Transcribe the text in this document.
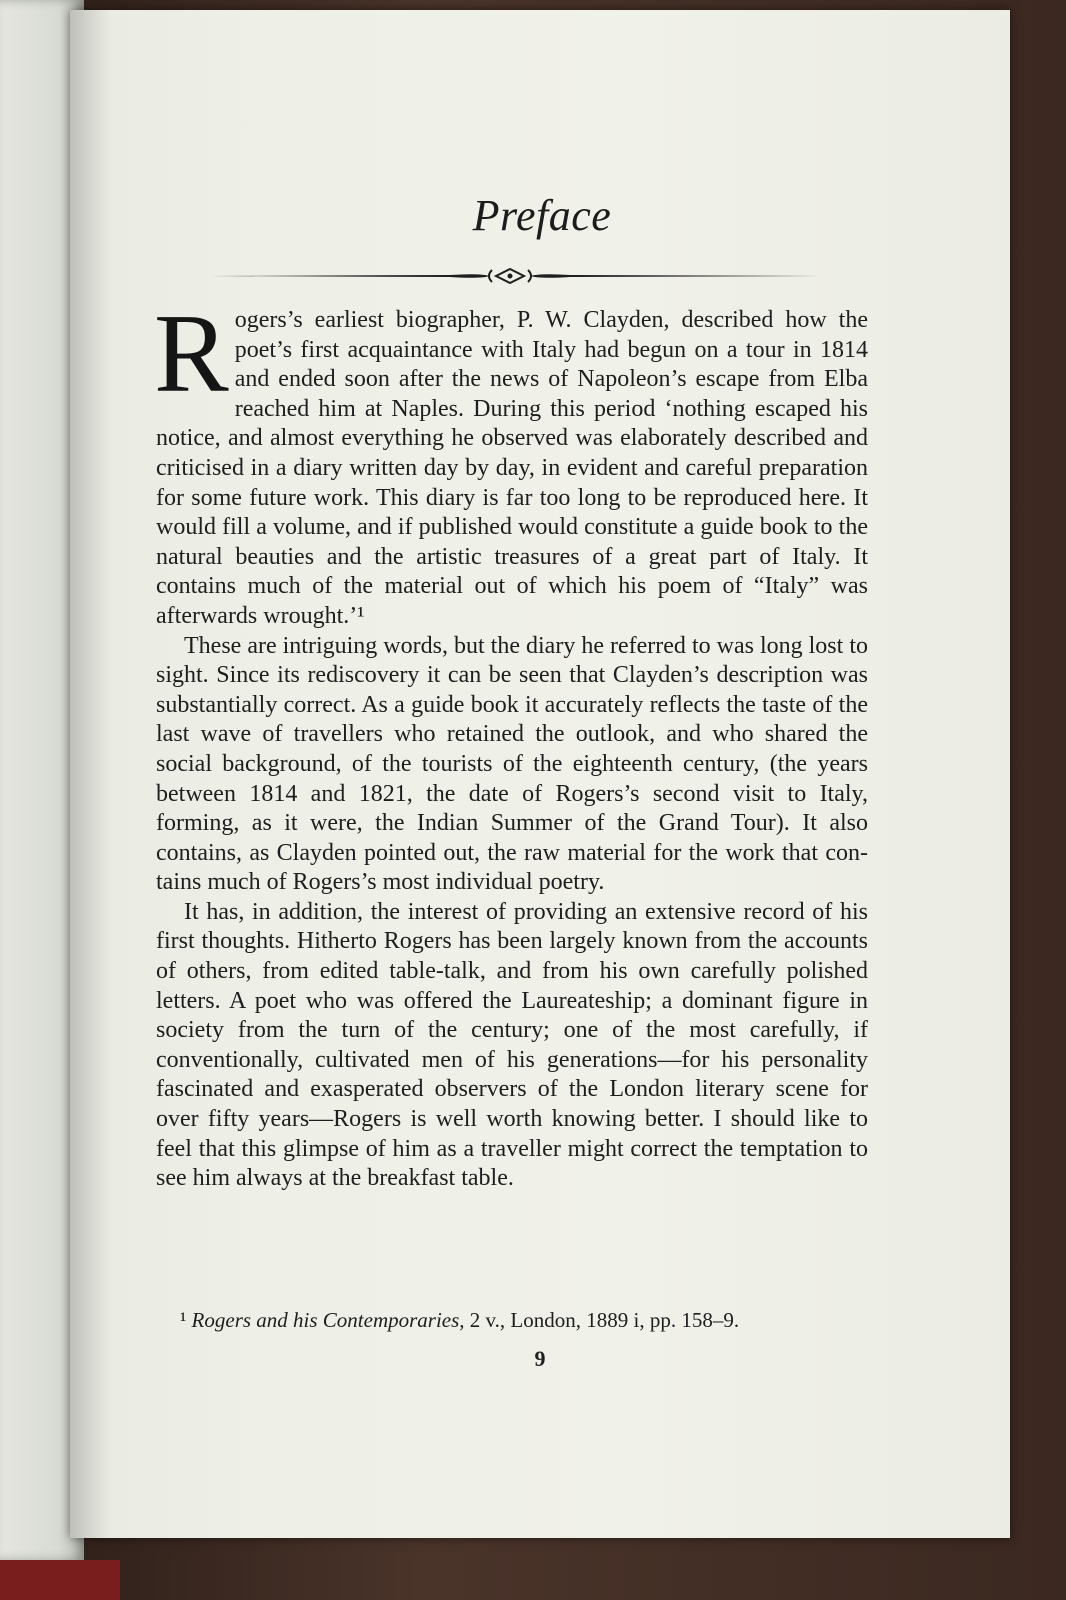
Preface

Rogers’s earliest biographer, P. W. Clayden, described how the poet’s first acquaintance with Italy had begun on a tour in 1814 and ended soon after the news of Napoleon’s escape from Elba reached him at Naples. During this period ‘nothing escaped his notice, and almost everything he observed was elaborately described and criticised in a diary written day by day, in evident and careful preparation for some future work. This diary is far too long to be reproduced here. It would fill a volume, and if published would constitute a guide book to the natural beauties and the artistic treasures of a great part of Italy. It contains much of the material out of which his poem of “Italy” was afterwards wrought.’¹

These are intriguing words, but the diary he referred to was long lost to sight. Since its rediscovery it can be seen that Clayden’s description was substantially correct. As a guide book it accurately reflects the taste of the last wave of travellers who retained the outlook, and who shared the social background, of the tourists of the eighteenth century, (the years between 1814 and 1821, the date of Rogers’s second visit to Italy, forming, as it were, the Indian Summer of the Grand Tour). It also contains, as Clayden pointed out, the raw material for the work that contains much of Rogers’s most individual poetry.

It has, in addition, the interest of providing an extensive record of his first thoughts. Hitherto Rogers has been largely known from the accounts of others, from edited table-talk, and from his own carefully polished letters. A poet who was offered the Laureateship; a dominant figure in society from the turn of the century; one of the most carefully, if conventionally, cultivated men of his generations—for his personality fascinated and exasperated observers of the London literary scene for over fifty years—Rogers is well worth knowing better. I should like to feel that this glimpse of him as a traveller might correct the temptation to see him always at the breakfast table.

¹ Rogers and his Contemporaries, 2 v., London, 1889 i, pp. 158–9.
9
